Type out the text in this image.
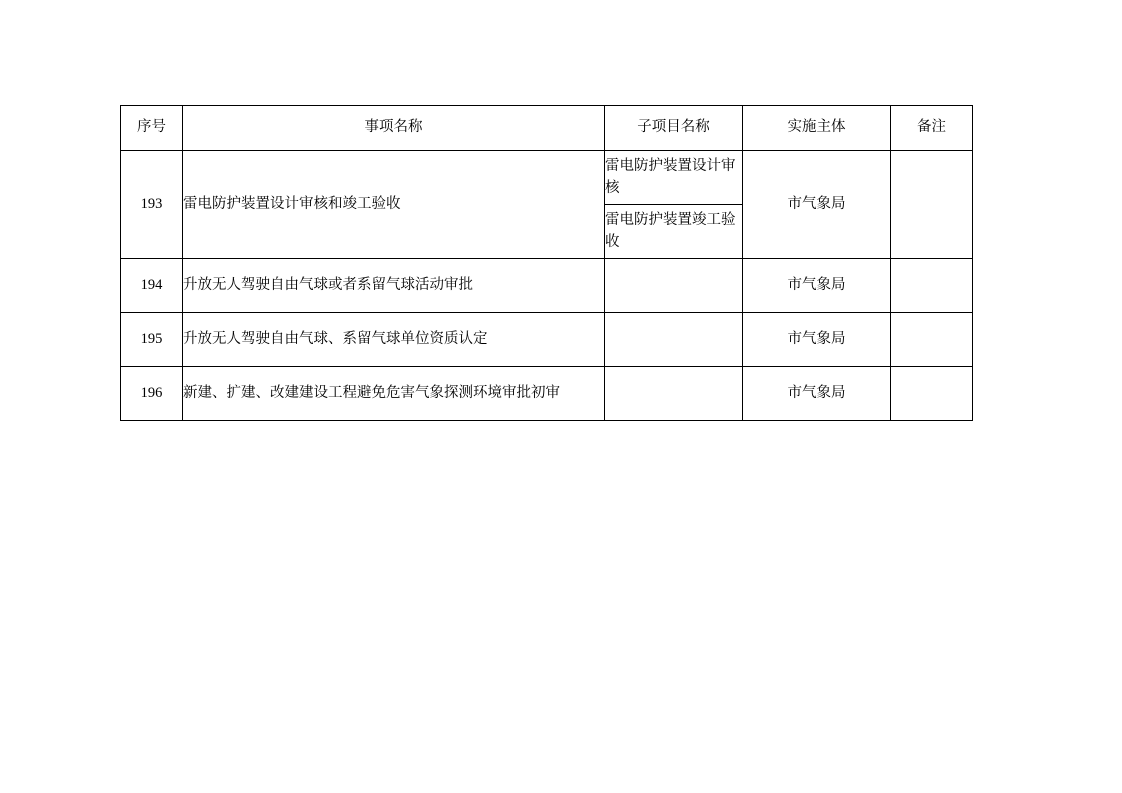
序号	事项名称	子项目名称	实施主体	备注
193	雷电防护装置设计审核和竣工验收	雷电防护装置设计审核	市气象局	
		雷电防护装置竣工验收		
194	升放无人驾驶自由气球或者系留气球活动审批		市气象局	
195	升放无人驾驶自由气球、系留气球单位资质认定		市气象局	
196	新建、扩建、改建建设工程避免危害气象探测环境审批初审		市气象局	
